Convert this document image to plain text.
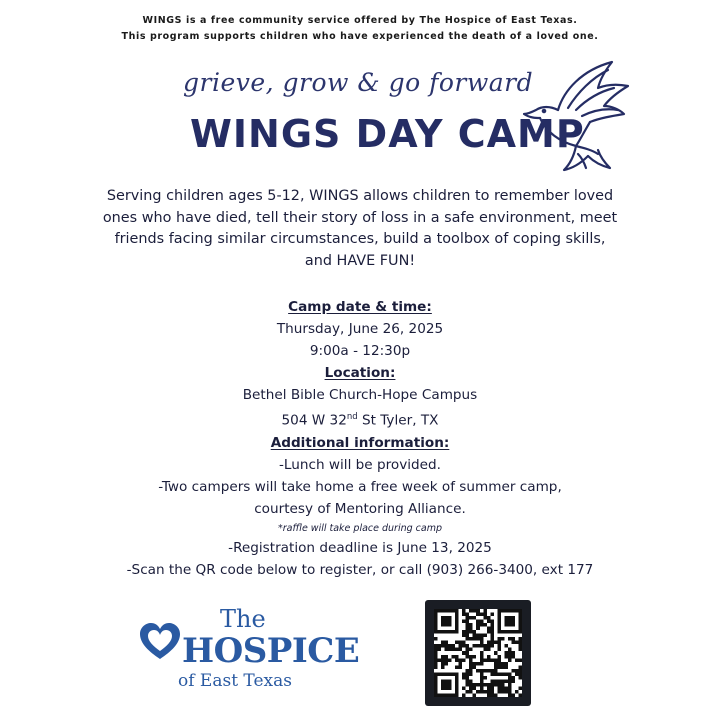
WINGS is a free community service offered by The Hospice of East Texas.
This program supports children who have experienced the death of a loved one.
grieve, grow & go forward
WINGS DAY CAMP
Serving children ages 5-12, WINGS allows children to remember loved ones who have died, tell their story of loss in a safe environment, meet friends facing similar circumstances, build a toolbox of coping skills, and HAVE FUN!
Camp date & time:
Thursday, June 26, 2025
9:00a - 12:30p
Location:
Bethel Bible Church-Hope Campus
504 W 32nd St Tyler, TX
Additional information:
-Lunch will be provided.
-Two campers will take home a free week of summer camp,
courtesy of Mentoring Alliance.
*raffle will take place during camp
-Registration deadline is June 13, 2025
-Scan the QR code below to register, or call (903) 266-3400, ext 177
The
HOSPICE
of East Texas
